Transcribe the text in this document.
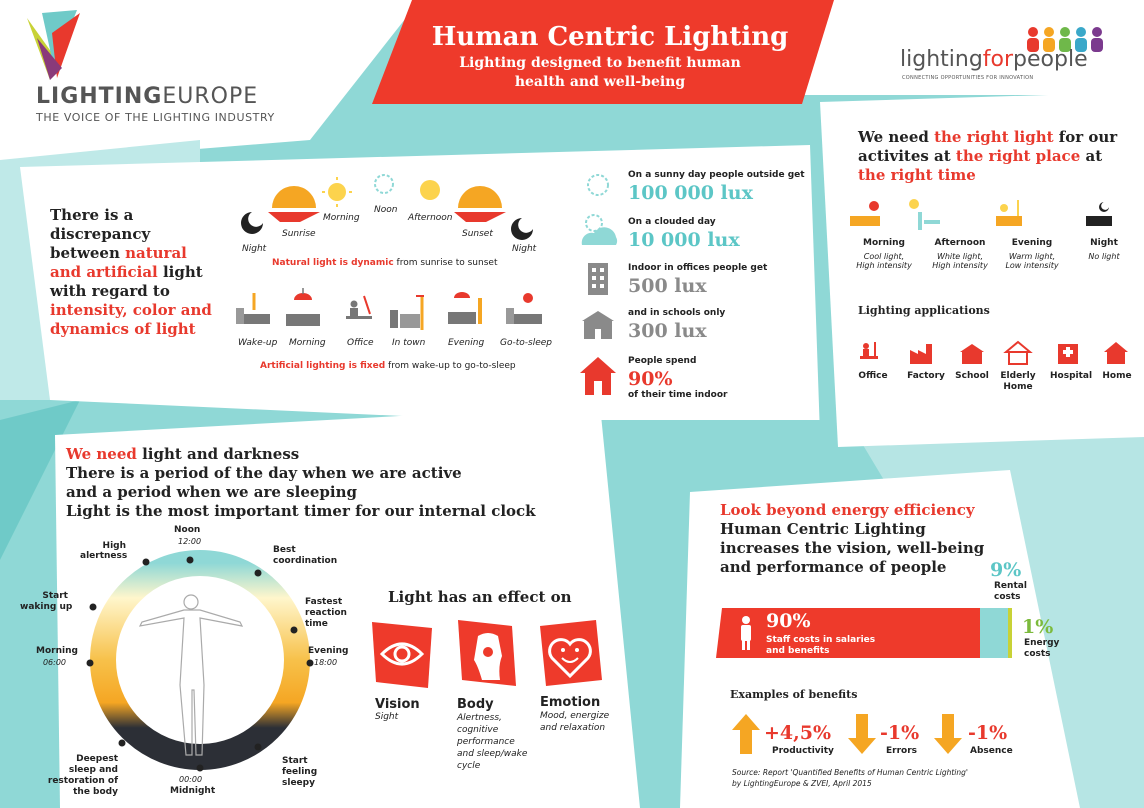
Human Centric Lighting
Lighting designed to benefit human
health and well-being
LIGHTINGEUROPE
THE VOICE OF THE LIGHTING INDUSTRY
lightingforpeople
CONNECTING OPPORTUNITIES FOR INNOVATION
There is a
discrepancy
between natural
and artificial light
with regard to
intensity, color and
dynamics of light
Night
Sunrise
Morning
Noon
Afternoon
Sunset
Night
Natural light is dynamic from sunrise to sunset
Wake-up Morning Office In town	Evening Go-to-sleep
Artificial lighting is fixed from wake-up to go-to-sleep
On a sunny day people outside get
100 000 lux
On a clouded day
10 000 lux
Indoor in offices people get
500 lux
and in schools only
300 lux
People spend
90%
of their time indoor
We need the right light for our
activites at the right place at
the right time
Morning
Cool light,
High intensity
Afternoon
White light,
High intensity
Evening
Warm light,
Low intensity
Night
No light
Lighting applications
Office Factory School Elderly
Home
Hospital Home
We need light and darkness
There is a period of the day when we are active
and a period when we are sleeping
Light is the most important timer for our internal clock
Noon
12:00
High
alertness
Best
coordination
Start
waking up	Fastest
reaction
time
Morning
06:00
Evening
18:00
Deepest
sleep and
restoration of
the body
00:00
Midnight
Start
feeling
sleepy
Light has an effect on
Vision
Sight
Body
Alertness,
cognitive
performance
and sleep/wake
cycle
Emotion
Mood, energize
and relaxation
Look beyond energy efficiency
Human Centric Lighting
increases the vision, well-being
and performance of people	9%
Rental
costs
90%
Staff costs in salaries
and benefits
1%
Energy
costs
Examples of benefits
+4,5%
Productivity
-1%
Errors
-1%
Absence
Source: Report 'Quantified Benefits of Human Centric Lighting'
by LightingEurope & ZVEI, April 2015
